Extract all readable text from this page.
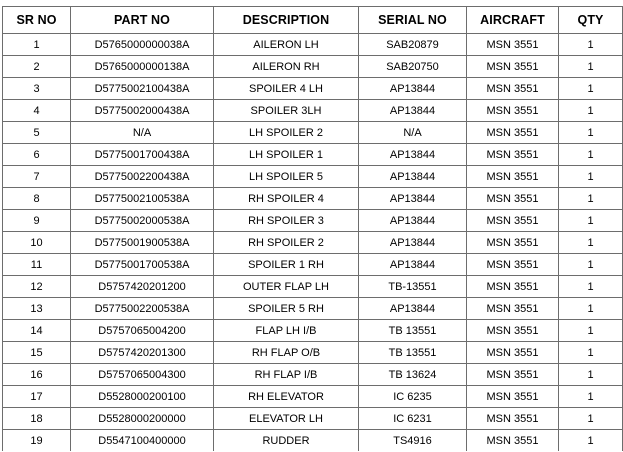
SR NO	PART NO	DESCRIPTION	SERIAL NO	AIRCRAFT	QTY
1	D5765000000038A	AILERON LH	SAB20879	MSN 3551	1
2	D5765000000138A	AILERON RH	SAB20750	MSN 3551	1
3	D5775002100438A	SPOILER 4 LH	AP13844	MSN 3551	1
4	D5775002000438A	SPOILER 3LH	AP13844	MSN 3551	1
5	N/A	LH SPOILER 2	N/A	MSN 3551	1
6	D5775001700438A	LH SPOILER 1	AP13844	MSN 3551	1
7	D5775002200438A	LH SPOILER 5	AP13844	MSN 3551	1
8	D5775002100538A	RH SPOILER 4	AP13844	MSN 3551	1
9	D5775002000538A	RH SPOILER 3	AP13844	MSN 3551	1
10	D5775001900538A	RH SPOILER 2	AP13844	MSN 3551	1
11	D5775001700538A	SPOILER 1 RH	AP13844	MSN 3551	1
12	D5757420201200	OUTER FLAP LH	TB-13551	MSN 3551	1
13	D5775002200538A	SPOILER 5 RH	AP13844	MSN 3551	1
14	D5757065004200	FLAP LH I/B	TB 13551	MSN 3551	1
15	D5757420201300	RH FLAP O/B	TB 13551	MSN 3551	1
16	D5757065004300	RH FLAP I/B	TB 13624	MSN 3551	1
17	D5528000200100	RH ELEVATOR	IC 6235	MSN 3551	1
18	D5528000200000	ELEVATOR LH	IC 6231	MSN 3551	1
19	D5547100400000	RUDDER	TS4916	MSN 3551	1
